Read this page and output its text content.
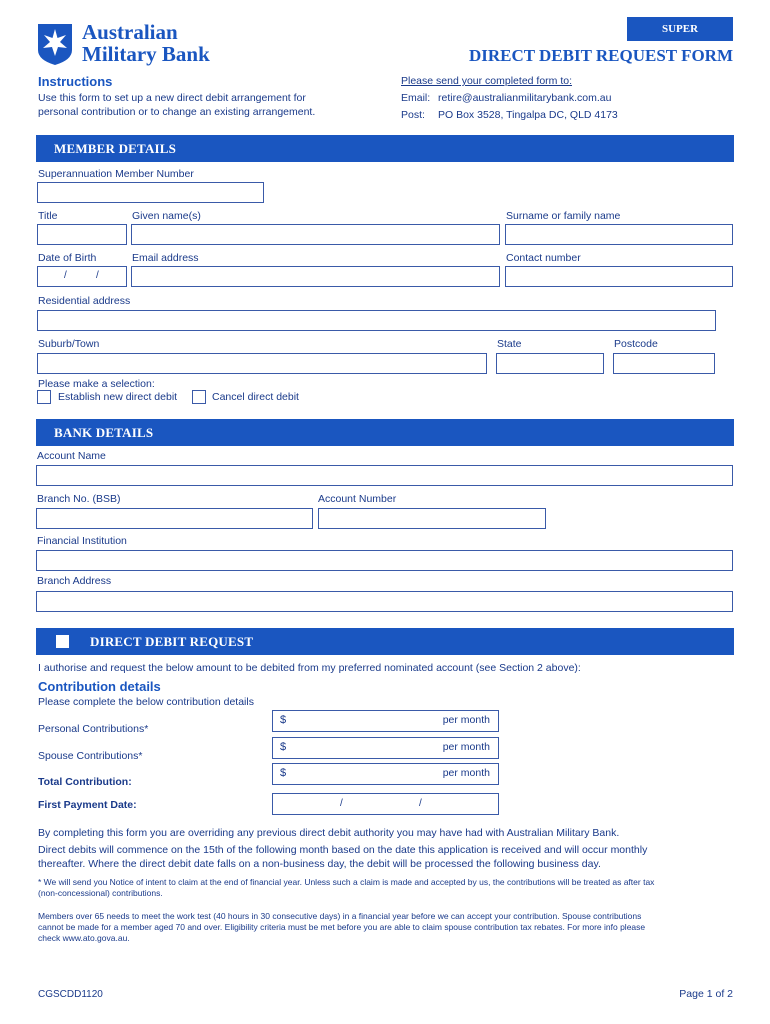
Australian
Military Bank
SUPER
DIRECT DEBIT REQUEST FORM
Instructions
Use this form to set up a new direct debit arrangement for
personal contribution or to change an existing arrangement.
Please send your completed form to:
Email: retire@australianmilitarybank.com.au
Post: PO Box 3528, Tingalpa DC, QLD 4173
MEMBER DETAILS
Superannuation Member Number
Title	Given name(s)	Surname or family name
Date of Birth	Email address	Contact number
/	/
Residential address
Suburb/Town	State	Postcode
Please make a selection:
Establish new direct debit	Cancel direct debit
BANK DETAILS
Account Name
Branch No. (BSB)	Account Number
Financial Institution
Branch Address
DIRECT DEBIT REQUEST
I authorise and request the below amount to be debited from my preferred nominated account (see Section 2 above):
Contribution details
Please complete the below contribution details
Personal Contributions*
$	per month
Spouse Contributions*
$	per month
Total Contribution:
$	per month
First Payment Date:	/	/
By completing this form you are overriding any previous direct debit authority you may have had with Australian Military Bank.
Direct debits will commence on the 15th of the following month based on the date this application is received and will occur monthly
thereafter. Where the direct debit date falls on a non-business day, the debit will be processed the following business day.
* We will send you Notice of intent to claim at the end of financial year. Unless such a claim is made and accepted by us, the contributions will be treated as after tax
(non-concessional) contributions.
Members over 65 needs to meet the work test (40 hours in 30 consecutive days) in a financial year before we can accept your contribution. Spouse contributions
cannot be made for a member aged 70 and over. Eligibility criteria must be met before you are able to claim spouse contribution tax rebates. For more info please
check www.ato.gova.au.
CGSCDD1120	Page 1 of 2
